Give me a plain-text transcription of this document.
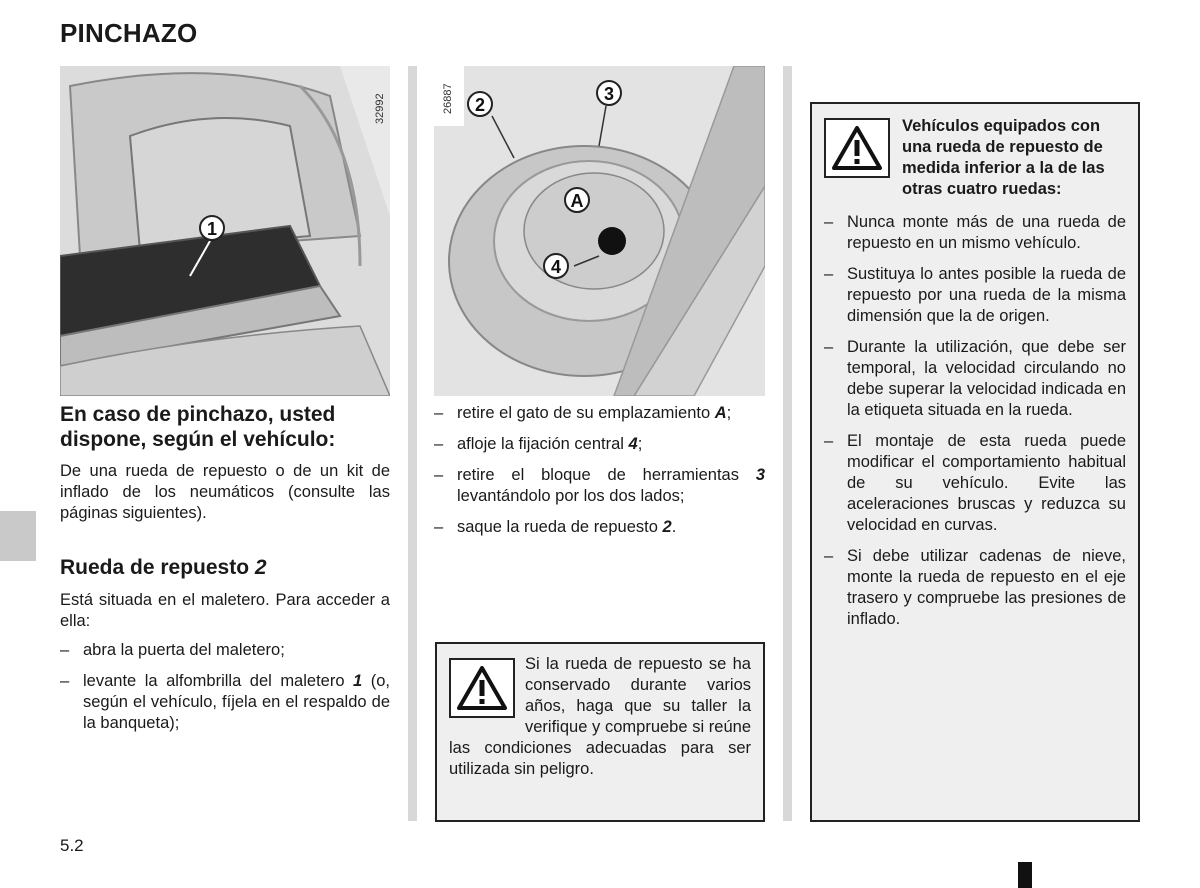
PINCHAZO
1
32992	2
3
A
4
26887
En caso de pinchazo, usted dispone, según el vehículo:
De una rueda de repuesto o de un kit de inflado de los neumáticos (consulte las páginas siguientes).
Rueda de repuesto 2
Está situada en el maletero. Para acceder a ella:
– abra la puerta del maletero;
– levante la alfombrilla del maletero 1 (o, según el vehículo, fíjela en el respaldo de la banqueta);
– retire el gato de su emplazamiento A;
– afloje la fijación central 4;
– retire el bloque de herramientas 3 levantándolo por los dos lados;
– saque la rueda de repuesto 2.
Si la rueda de repuesto se ha conservado durante varios años, haga que su taller la verifique y compruebe si reúne las condiciones adecuadas para ser utilizada sin peligro.
Vehículos equipados con una rueda de repuesto de medida inferior a la de las otras cuatro ruedas:
– Nunca monte más de una rueda de repuesto en un mismo vehículo.
– Sustituya lo antes posible la rueda de repuesto por una rueda de la misma dimensión que la de origen.
– Durante la utilización, que debe ser temporal, la velocidad circulando no debe superar la velocidad indicada en la etiqueta situada en la rueda.
– El montaje de esta rueda puede modificar el comportamiento habitual de su vehículo. Evite las aceleraciones bruscas y reduzca su velocidad en curvas.
– Si debe utilizar cadenas de nieve, monte la rueda de repuesto en el eje trasero y compruebe las presiones de inflado.
5.2
